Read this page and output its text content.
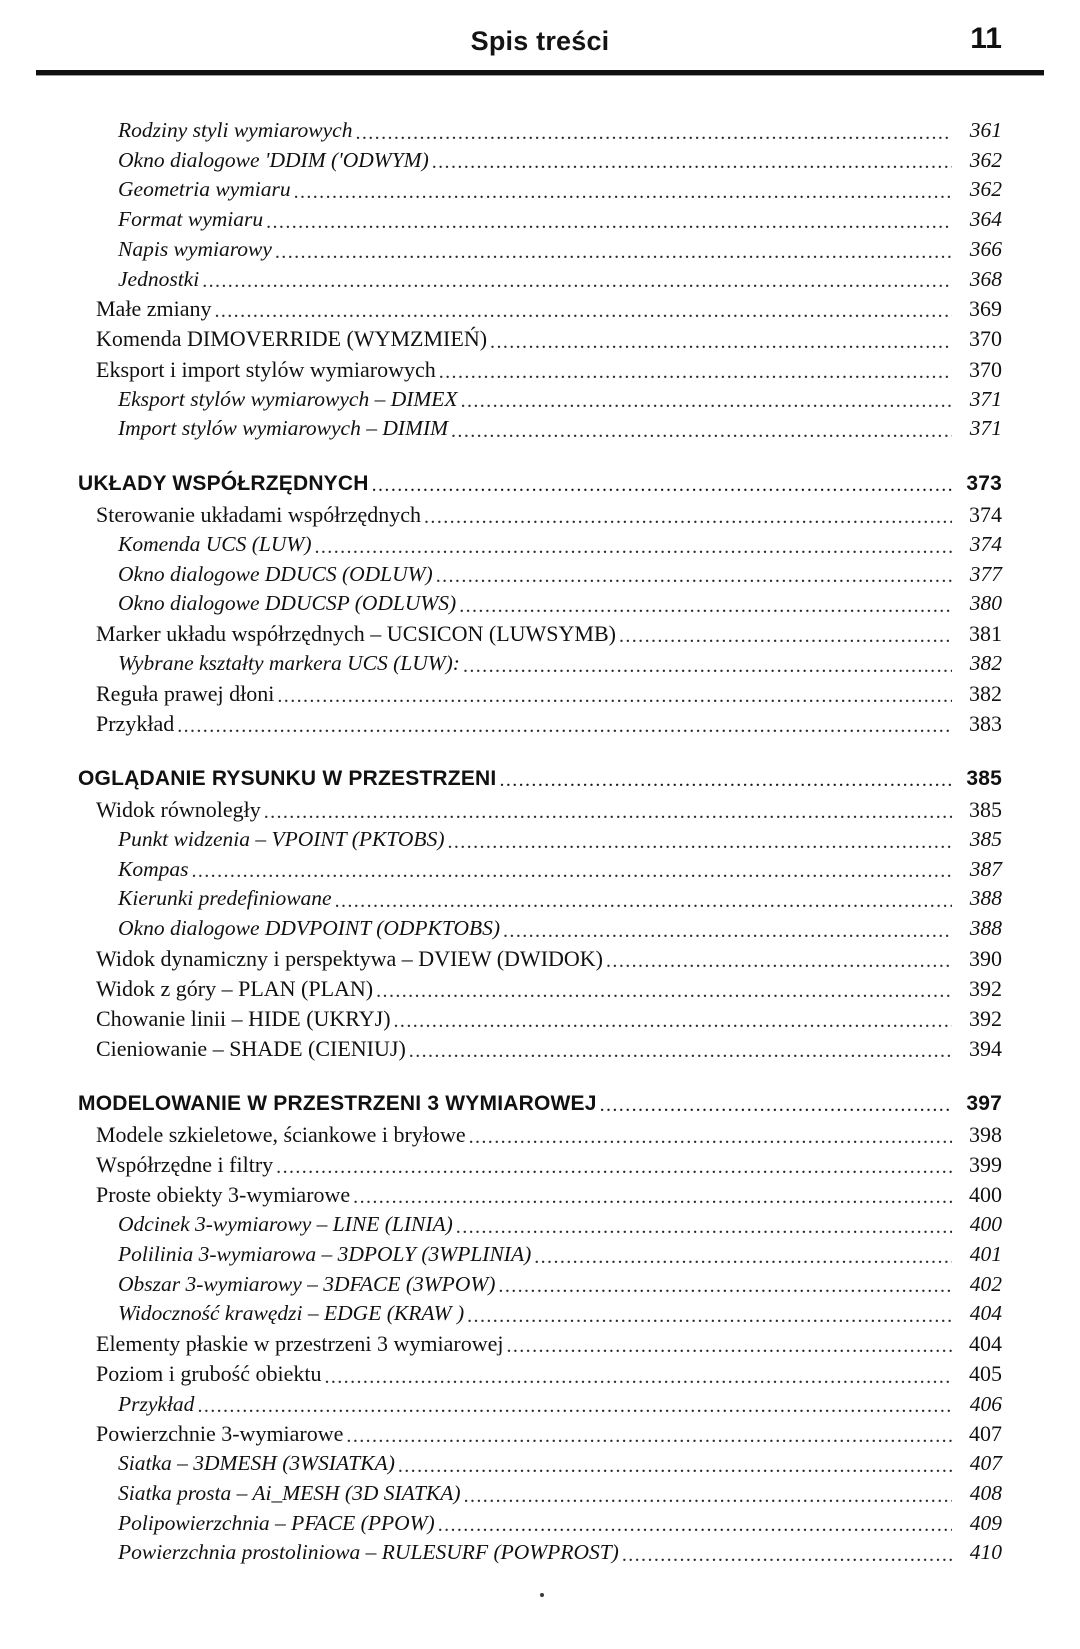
Spis treści	11
Rodziny styli wymiarowych .....	361
Okno dialogowe 'DDIM ('ODWYM) .....	362
Geometria wymiaru .....	362
Format wymiaru .....	364
Napis wymiarowy .....	366
Jednostki .....	368
Małe zmiany .....	369
Komenda DIMOVERRIDE (WYMZMIEŃ) .....	370
Eksport i import stylów wymiarowych .....	370
Eksport stylów wymiarowych – DIMEX .....	371
Import stylów wymiarowych – DIMIM .....	371
UKŁADY WSPÓŁRZĘDNYCH .....	373
Sterowanie układami współrzędnych .....	374
Komenda UCS (LUW) .....	374
Okno dialogowe DDUCS (ODLUW) .....	377
Okno dialogowe DDUCSP (ODLUWS) .....	380
Marker układu współrzędnych – UCSICON (LUWSYMB) .....	381
Wybrane kształty markera UCS (LUW): .....	382
Reguła prawej dłoni .....	382
Przykład .....	383
OGLĄDANIE RYSUNKU W PRZESTRZENI .....	385
Widok równoległy .....	385
Punkt widzenia – VPOINT (PKTOBS) .....	385
Kompas .....	387
Kierunki predefiniowane .....	388
Okno dialogowe DDVPOINT (ODPKTOBS) .....	388
Widok dynamiczny i perspektywa – DVIEW (DWIDOK) .....	390
Widok z góry – PLAN (PLAN) .....	392
Chowanie linii – HIDE (UKRYJ) .....	392
Cieniowanie – SHADE (CIENIUJ) .....	394
MODELOWANIE W PRZESTRZENI 3 WYMIAROWEJ .....	397
Modele szkieletowe, ściankowe i bryłowe .....	398
Współrzędne i filtry .....	399
Proste obiekty 3-wymiarowe .....	400
Odcinek 3-wymiarowy – LINE (LINIA) .....	400
Polilinia 3-wymiarowa – 3DPOLY (3WPLINIA) .....	401
Obszar 3-wymiarowy – 3DFACE (3WPOW) .....	402
Widoczność krawędzi – EDGE (KRAW ) .....	404
Elementy płaskie w przestrzeni 3 wymiarowej .....	404
Poziom i grubość obiektu .....	405
Przykład .....	406
Powierzchnie 3-wymiarowe .....	407
Siatka – 3DMESH (3WSIATKA) .....	407
Siatka prosta – Ai_MESH (3D SIATKA) .....	408
Polipowierzchnia – PFACE (PPOW) .....	409
Powierzchnia prostoliniowa – RULESURF (POWPROST) .....	410
